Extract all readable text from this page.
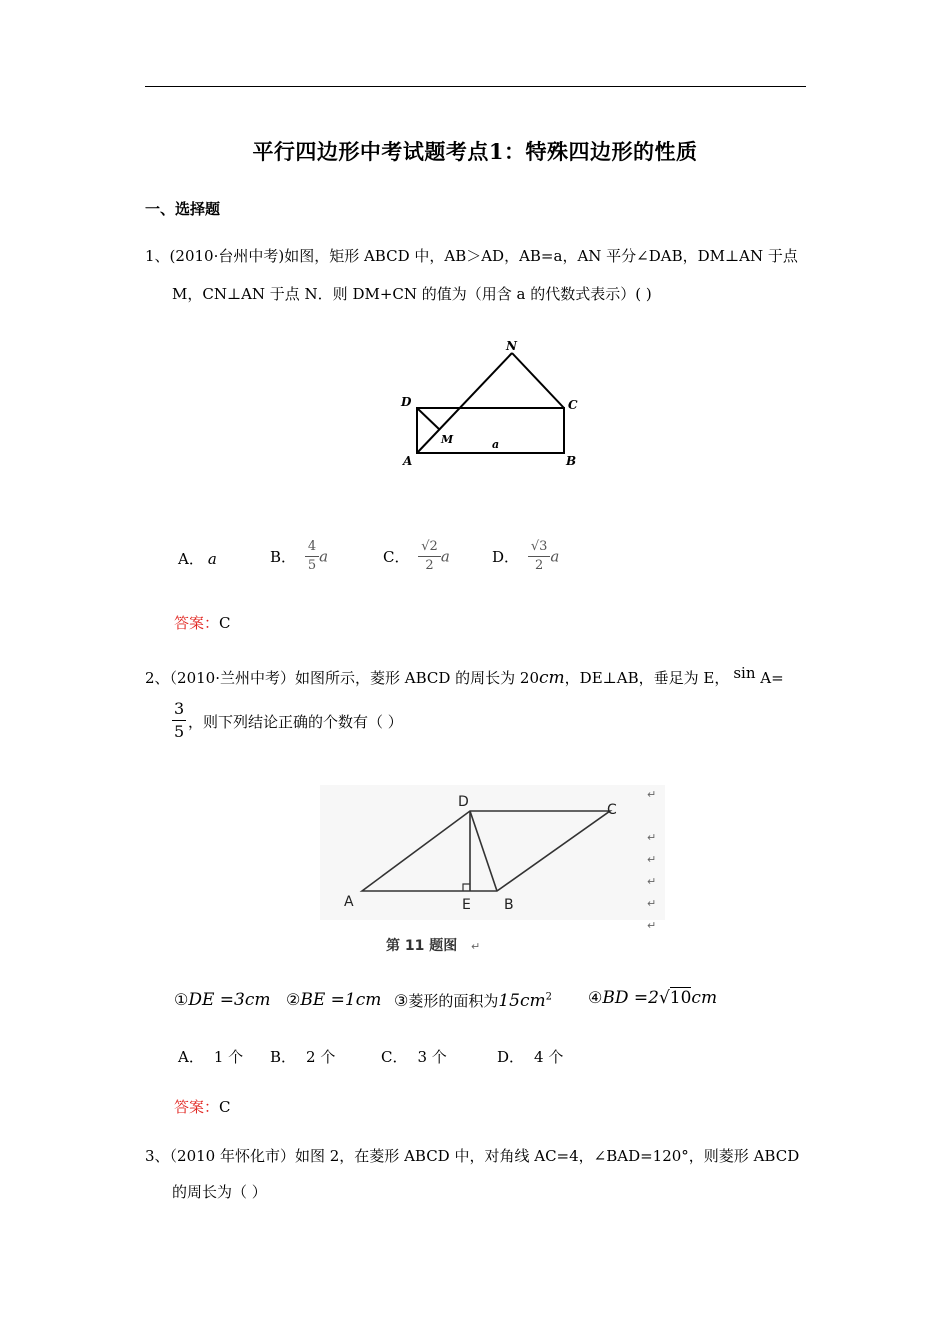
平行四边形中考试题考点1：特殊四边形的性质
一、选择题
1、(2010·台州中考)如图，矩形 ABCD 中，AB＞AD，AB=a，AN 平分∠DAB，DM⊥AN 于点
M，CN⊥AN 于点 N．则 DM+CN 的值为（用含 a 的代数式表示）( )
N
D	C
M	a
A	B
A． a	B． $\frac{4}{5}$ a	C． $\frac{√2}{2}$ a	D． $\frac{√3}{2}$ a
答案：C
2、（2010·兰州中考）如图所示，菱形 ABCD 的周长为 20cm，DE⊥AB，垂足为 E， sin A=
3
5 ，则下列结论正确的个数有（ ）
D	C
A	E B
第 11 题图
↵
↵
↵
↵
↵
↵
↵
①DE =3cm ②BE =1cm ③菱形的面积为$15cm^2$ ④BD =2√10cm
A． 1 个 B． 2 个	C． 3 个	D． 4 个
答案：C
3、（2010 年怀化市）如图 2，在菱形 ABCD 中，对角线 AC=4，∠BAD=120°，则菱形 ABCD
的周长为（ ）
